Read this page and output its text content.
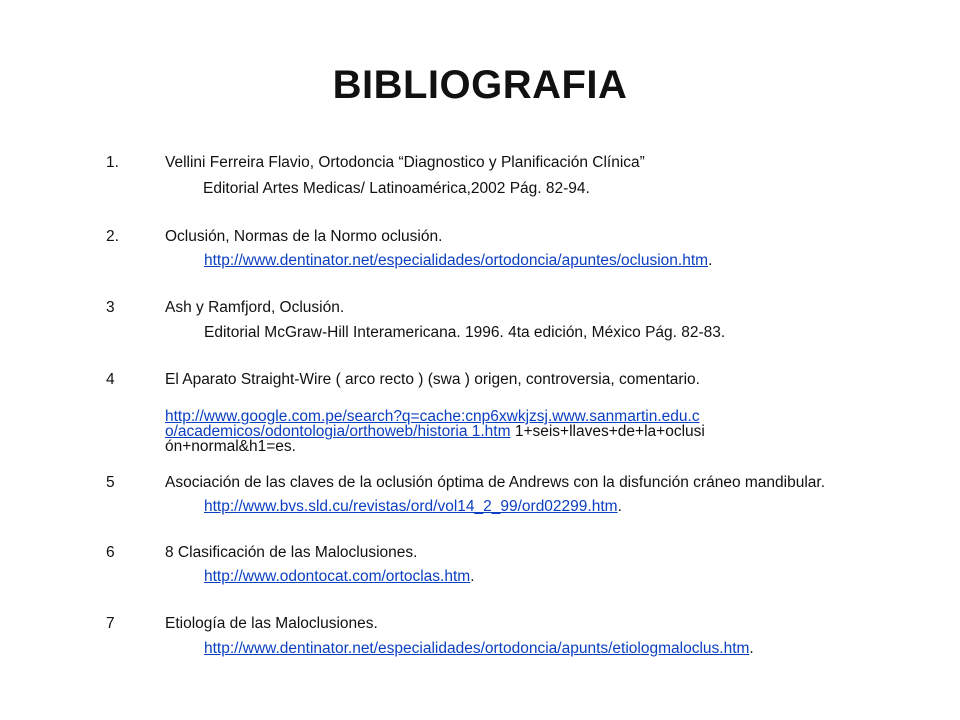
BIBLIOGRAFIA
1.	Vellini Ferreira Flavio, Ortodoncia “Diagnostico y Planificación Clínica”
Editorial Artes Medicas/ Latinoamérica,2002 Pág. 82-94.
2.	Oclusión, Normas de la Normo oclusión.
http://www.dentinator.net/especialidades/ortodoncia/apuntes/oclusion.htm.
3	Ash y Ramfjord, Oclusión.
Editorial McGraw-Hill Interamericana. 1996. 4ta edición, México Pág. 82-83.
4	El Aparato Straight-Wire ( arco recto ) (swa ) origen, controversia, comentario.
http://www.google.com.pe/search?q=cache:cnp6xwkjzsj.www.sanmartin.edu.co/academicos/odontologia/orthoweb/historia 1.htm 1+seis+llaves+de+la+oclusión+normal&h1=es.
5	Asociación de las claves de la oclusión óptima de Andrews con la disfunción cráneo mandibular.
http://www.bvs.sld.cu/revistas/ord/vol14_2_99/ord02299.htm.
6	8 Clasificación de las Maloclusiones.
http://www.odontocat.com/ortoclas.htm.
7	Etiología de las Maloclusiones.
http://www.dentinator.net/especialidades/ortodoncia/apunts/etiologmaloclus.htm.
